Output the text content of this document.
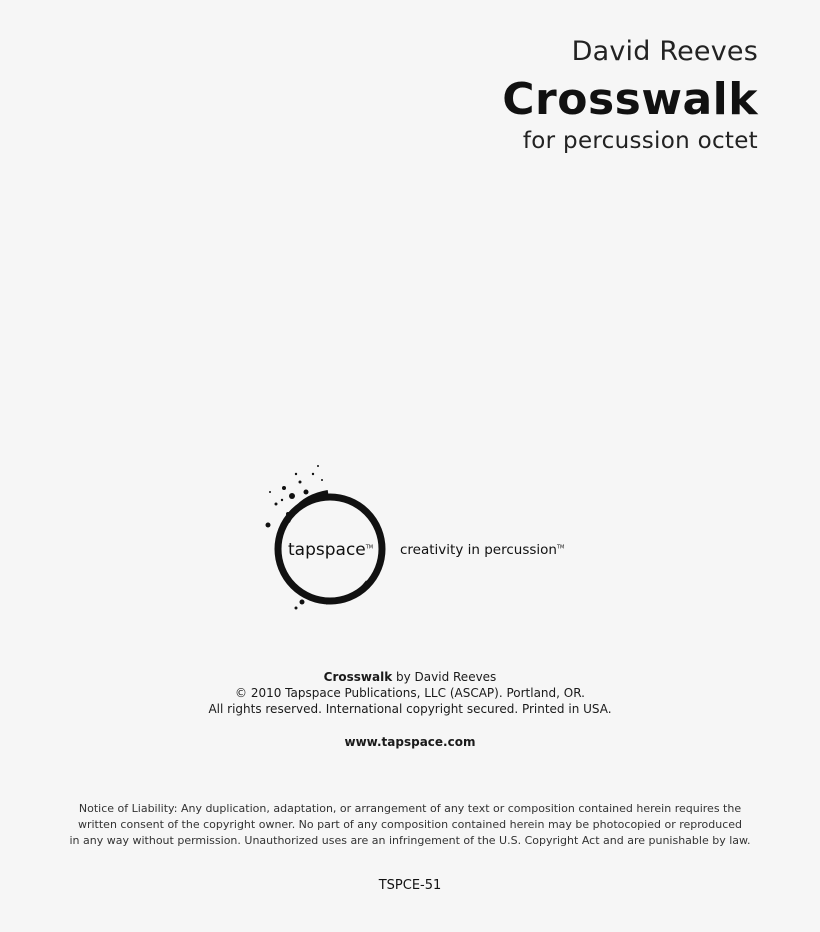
David Reeves
Crosswalk
for percussion octet
tapspace™ creativity in percussion™
Crosswalk by David Reeves
© 2010 Tapspace Publications, LLC (ASCAP). Portland, OR.
All rights reserved. International copyright secured. Printed in USA.
www.tapspace.com
Notice of Liability: Any duplication, adaptation, or arrangement of any text or composition contained herein requires the
written consent of the copyright owner. No part of any composition contained herein may be photocopied or reproduced
in any way without permission. Unauthorized uses are an infringement of the U.S. Copyright Act and are punishable by law.
TSPCE-51
